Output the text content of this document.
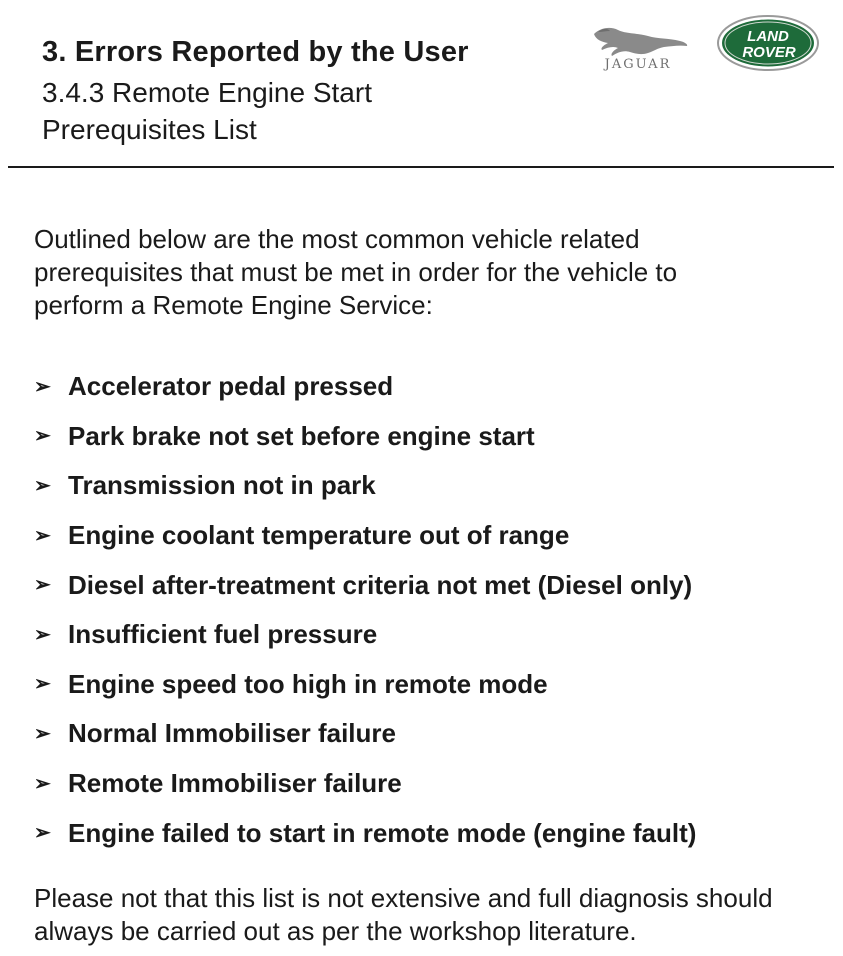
3. Errors Reported by the User
3.4.3 Remote Engine Start Prerequisites List
JAGUAR
LAND
ROVER
Outlined below are the most common vehicle related prerequisites that must be met in order for the vehicle to perform a Remote Engine Service:
➢ Accelerator pedal pressed
➢ Park brake not set before engine start
➢ Transmission not in park
➢ Engine coolant temperature out of range
➢ Diesel after-treatment criteria not met (Diesel only)
➢ Insufficient fuel pressure
➢ Engine speed too high in remote mode
➢ Normal Immobiliser failure
➢ Remote Immobiliser failure
➢ Engine failed to start in remote mode (engine fault)
Please not that this list is not extensive and full diagnosis should always be carried out as per the workshop literature.
